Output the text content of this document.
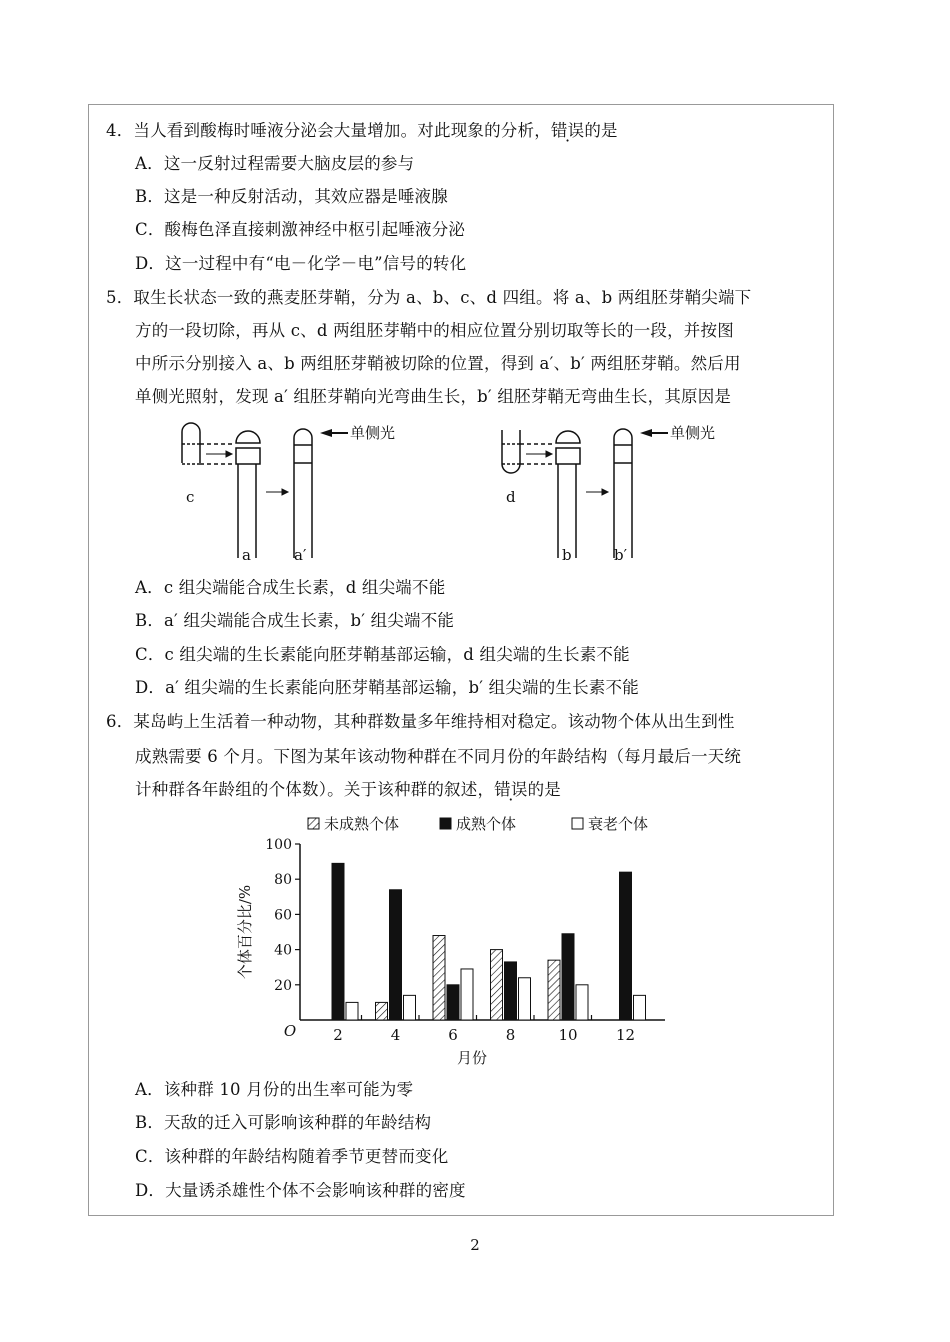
4．当人看到酸梅时唾液分泌会大量增加。对此现象的分析，错误的是
A．这一反射过程需要大脑皮层的参与
B．这是一种反射活动，其效应器是唾液腺
C．酸梅色泽直接刺激神经中枢引起唾液分泌
D．这一过程中有“电－化学－电”信号的转化
5．取生长状态一致的燕麦胚芽鞘，分为 a、b、c、d 四组。将 a、b 两组胚芽鞘尖端下
方的一段切除，再从 c、d 两组胚芽鞘中的相应位置分别切取等长的一段，并按图
中所示分别接入 a、b 两组胚芽鞘被切除的位置，得到 a′、b′ 两组胚芽鞘。然后用
单侧光照射，发现 a′ 组胚芽鞘向光弯曲生长，b′ 组胚芽鞘无弯曲生长，其原因是
单侧光	单侧光
c
a	a′
d
b	b′
A．c 组尖端能合成生长素，d 组尖端不能
B．a′ 组尖端能合成生长素，b′ 组尖端不能
C．c 组尖端的生长素能向胚芽鞘基部运输，d 组尖端的生长素不能
D．a′ 组尖端的生长素能向胚芽鞘基部运输，b′ 组尖端的生长素不能
6．某岛屿上生活着一种动物，其种群数量多年维持相对稳定。该动物个体从出生到性
成熟需要 6 个月。下图为某年该动物种群在不同月份的年龄结构（每月最后一天统
计种群各年龄组的个体数）。关于该种群的叙述，错误的是
未成熟个体	成熟个体	衰老个体
20
40
60
80
100
O
个体百分比/%
月份
2	4	6	8	10	12
A．该种群 10 月份的出生率可能为零
B．天敌的迁入可影响该种群的年龄结构
C．该种群的年龄结构随着季节更替而变化
D．大量诱杀雄性个体不会影响该种群的密度
2
